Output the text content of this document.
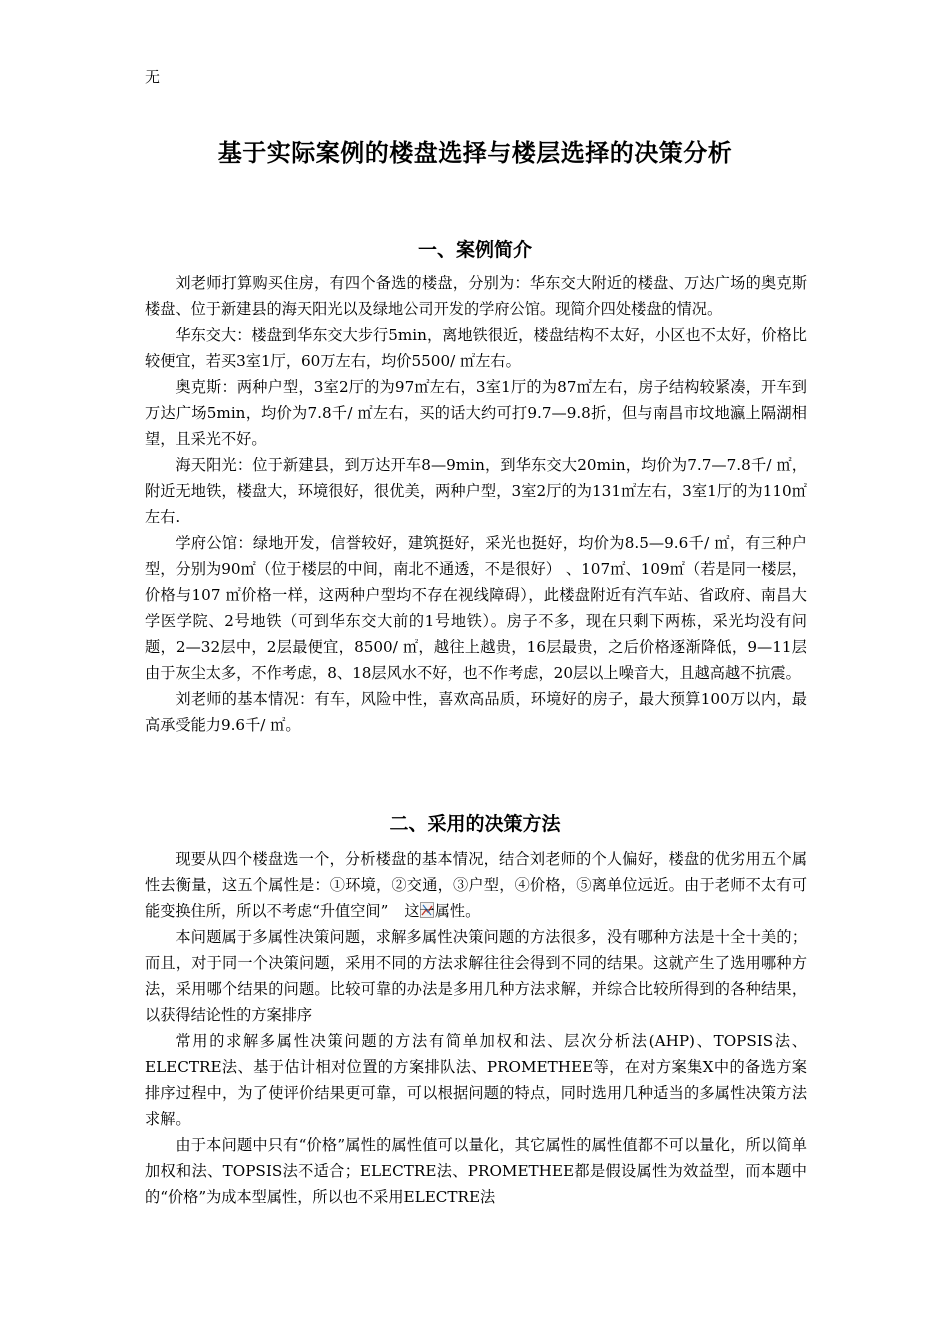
无
基于实际案例的楼盘选择与楼层选择的决策分析
一、案例简介

刘老师打算购买住房，有四个备选的楼盘，分别为：华东交大附近的楼盘、万达广场的奥克斯楼盘、位于新建县的海天阳光以及绿地公司开发的学府公馆。现简介四处楼盘的情况。

华东交大：楼盘到华东交大步行5min，离地铁很近，楼盘结构不太好，小区也不太好，价格比较便宜，若买3室1厅，60万左右，均价5500/ ㎡左右。

奥克斯：两种户型，3室2厅的为97㎡左右，3室1厅的为87㎡左右，房子结构较紧凑，开车到万达广场5min，均价为7.8千/ ㎡左右，买的话大约可打9.7—9.8折，但与南昌市坟地瀛上隔湖相望，且采光不好。

海天阳光：位于新建县，到万达开车8—9min，到华东交大20min，均价为7.7—7.8千/ ㎡，附近无地铁，楼盘大，环境很好，很优美，两种户型，3室2厅的为131㎡左右，3室1厅的为110㎡左右.

学府公馆：绿地开发，信誉较好，建筑挺好，采光也挺好，均价为8.5—9.6千/ ㎡，有三种户型，分别为90㎡（位于楼层的中间，南北不通透，不是很好） 、107㎡、109㎡（若是同一楼层，价格与107 ㎡价格一样，这两种户型均不存在视线障碍），此楼盘附近有汽车站、省政府、南昌大学医学院、2号地铁（可到华东交大前的1号地铁）。房子不多，现在只剩下两栋，采光均没有问题，2—32层中，2层最便宜，8500/ ㎡，越往上越贵，16层最贵，之后价格逐渐降低，9—11层由于灰尘太多，不作考虑，8、18层风水不好，也不作考虑，20层以上噪音大，且越高越不抗震。

刘老师的基本情况：有车，风险中性，喜欢高品质，环境好的房子，最大预算100万以内，最高承受能力9.6千/ ㎡。

二、采用的决策方法

现要从四个楼盘选一个，分析楼盘的基本情况，结合刘老师的个人偏好，楼盘的优劣用五个属性去衡量，这五个属性是：①环境，②交通，③户型，④价格，⑤离单位远近。由于老师不太有可能变换住所，所以不考虑“升值空间” 这一属性。

本问题属于多属性决策问题，求解多属性决策问题的方法很多，没有哪种方法是十全十美的；而且，对于同一个决策问题，采用不同的方法求解往往会得到不同的结果。这就产生了选用哪种方法，采用哪个结果的问题。比较可靠的办法是多用几种方法求解，并综合比较所得到的各种结果，以获得结论性的方案排序

常用的求解多属性决策问题的方法有简单加权和法、层次分析法(AHP)、TOPSIS法、ELECTRE法、基于估计相对位置的方案排队法、PROMETHEE等，在对方案集X中的备选方案排序过程中，为了使评价结果更可靠，可以根据问题的特点，同时选用几种适当的多属性决策方法求解。

由于本问题中只有“价格”属性的属性值可以量化，其它属性的属性值都不可以量化，所以简单加权和法、TOPSIS法不适合；ELECTRE法、PROMETHEE都是假设属性为效益型，而本题中的“价格”为成本型属性，所以也不采用ELECTRE法
